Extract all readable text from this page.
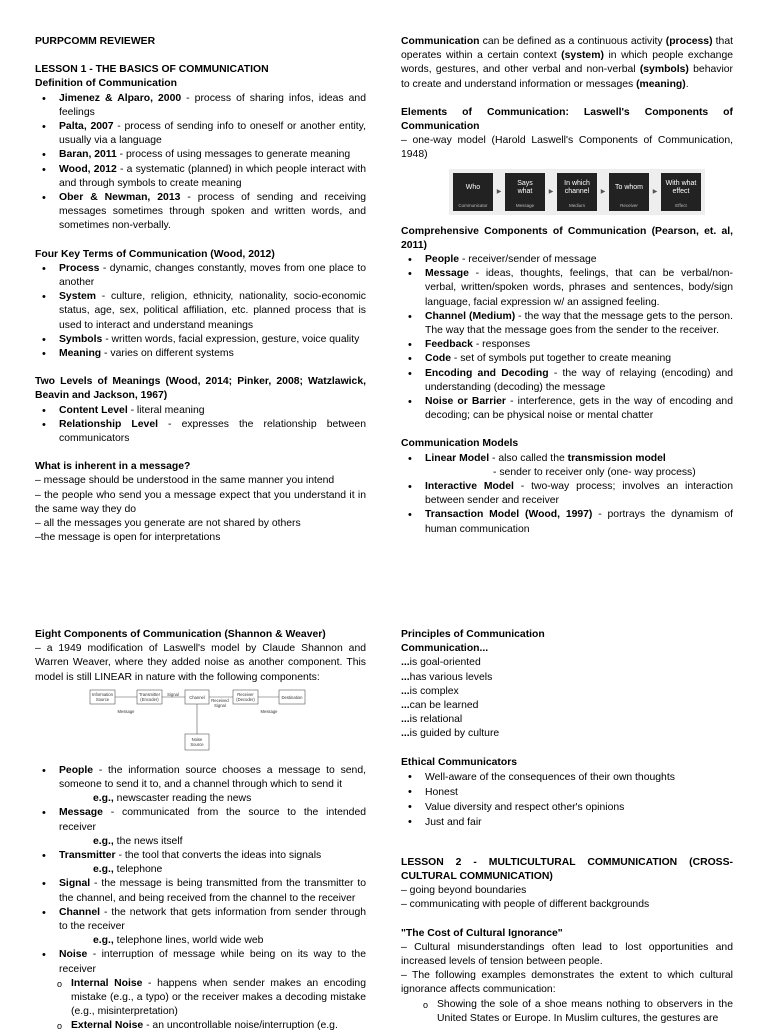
PURPCOMM REVIEWER

LESSON 1 - THE BASICS OF COMMUNICATION

Definition of Communication

• Jimenez & Alparo, 2000 - process of sharing infos, ideas and feelings
• Palta, 2007 - process of sending info to oneself or another entity, usually via a language
• Baran, 2011 - process of using messages to generate meaning
• Wood, 2012 - a systematic (planned) in which people interact with and through symbols to create meaning
• Ober & Newman, 2013 - process of sending and receiving messages sometimes through spoken and written words, and sometimes non-verbally.

Four Key Terms of Communication (Wood, 2012)

• Process - dynamic, changes constantly, moves from one place to another
• System - culture, religion, ethnicity, nationality, socio-economic status, age, sex, political affiliation, etc. planned process that is used to interact and understand meanings
• Symbols - written words, facial expression, gesture, voice quality
• Meaning - varies on different systems

Two Levels of Meanings (Wood, 2014; Pinker, 2008; Watzlawick, Beavin and Jackson, 1967)

• Content Level - literal meaning
• Relationship Level - expresses the relationship between communicators

What is inherent in a message?

– message should be understood in the same manner you intend

– the people who send you a message expect that you understand it in the same way they do

– all the messages you generate are not shared by others

–the message is open for interpretations

Communication can be defined as a continuous activity (process) that operates within a certain context (system) in which people exchange words, gestures, and other verbal and non-verbal (symbols) behavior to create and understand information or messages (meaning).

Elements of Communication: Laswell's Components of Communication

– one-way model (Harold Laswell's Components of Communication, 1948)

Who
Communicator
▶
Says what
Message
▶
In which channel
Medium
▶
To whom
Receiver
▶
With what effect
Effect

Comprehensive Components of Communication (Pearson, et. al, 2011)

• People - receiver/sender of message
• Message - ideas, thoughts, feelings, that can be verbal/non-verbal, written/spoken words, phrases and sentences, body/sign language, facial expression w/ an assigned feeling.
• Channel (Medium) - the way that the message gets to the person. The way that the message goes from the sender to the receiver.
• Feedback - responses
• Code - set of symbols put together to create meaning
• Encoding and Decoding - the way of relaying (encoding) and understanding (decoding) the message
• Noise or Barrier - interference, gets in the way of encoding and decoding; can be physical noise or mental chatter

Communication Models

• Linear Model - also called the transmission model
- sender to receiver only (one- way process)
• Interactive Model - two-way process; involves an interaction between sender and receiver
• Transaction Model (Wood, 1997) - portrays the dynamism of human communication

Eight Components of Communication (Shannon & Weaver)

– a 1949 modification of Laswell's model by Claude Shannon and Warren Weaver, where they added noise as another component. This model is still LINEAR in nature with the following components:

Information
Source
Transmitter
(Encoder)	Channel
Receiver
(Decoder)	Destination
Noise
Source
Message
Signal
Received
Signal
Message
• People - the information source chooses a message to send, someone to send it to, and a channel through which to send it
e.g., newscaster reading the news
• Message - communicated from the source to the intended receiver
e.g., the news itself
• Transmitter - the tool that converts the ideas into signals
e.g., telephone
• Signal - the message is being transmitted from the transmitter to the channel, and being received from the channel to the receiver
• Channel - the network that gets information from sender through to the receiver
e.g., telephone lines, world wide web
• Noise - interruption of message while being on its way to the receiver
o Internal Noise - happens when sender makes an encoding mistake (e.g., a typo) or the receiver makes a decoding mistake (e.g., misinterpretation)
o External Noise - an uncontrollable noise/interruption (e.g.

Principles of Communication

Communication...

...is goal-oriented

...has various levels

...is complex

...can be learned

...is relational

...is guided by culture

Ethical Communicators

• Well-aware of the consequences of their own thoughts
• Honest
• Value diversity and respect other's opinions
• Just and fair

LESSON 2 - MULTICULTURAL COMMUNICATION (CROSS-CULTURAL COMMUNICATION)

– going beyond boundaries

– communicating with people of different backgrounds

"The Cost of Cultural Ignorance"

– Cultural misunderstandings often lead to lost opportunities and increased levels of tension between people.

– The following examples demonstrates the extent to which cultural ignorance affects communication:

o Showing the sole of a shoe means nothing to observers in the United States or Europe. In Muslim cultures, the gestures are
